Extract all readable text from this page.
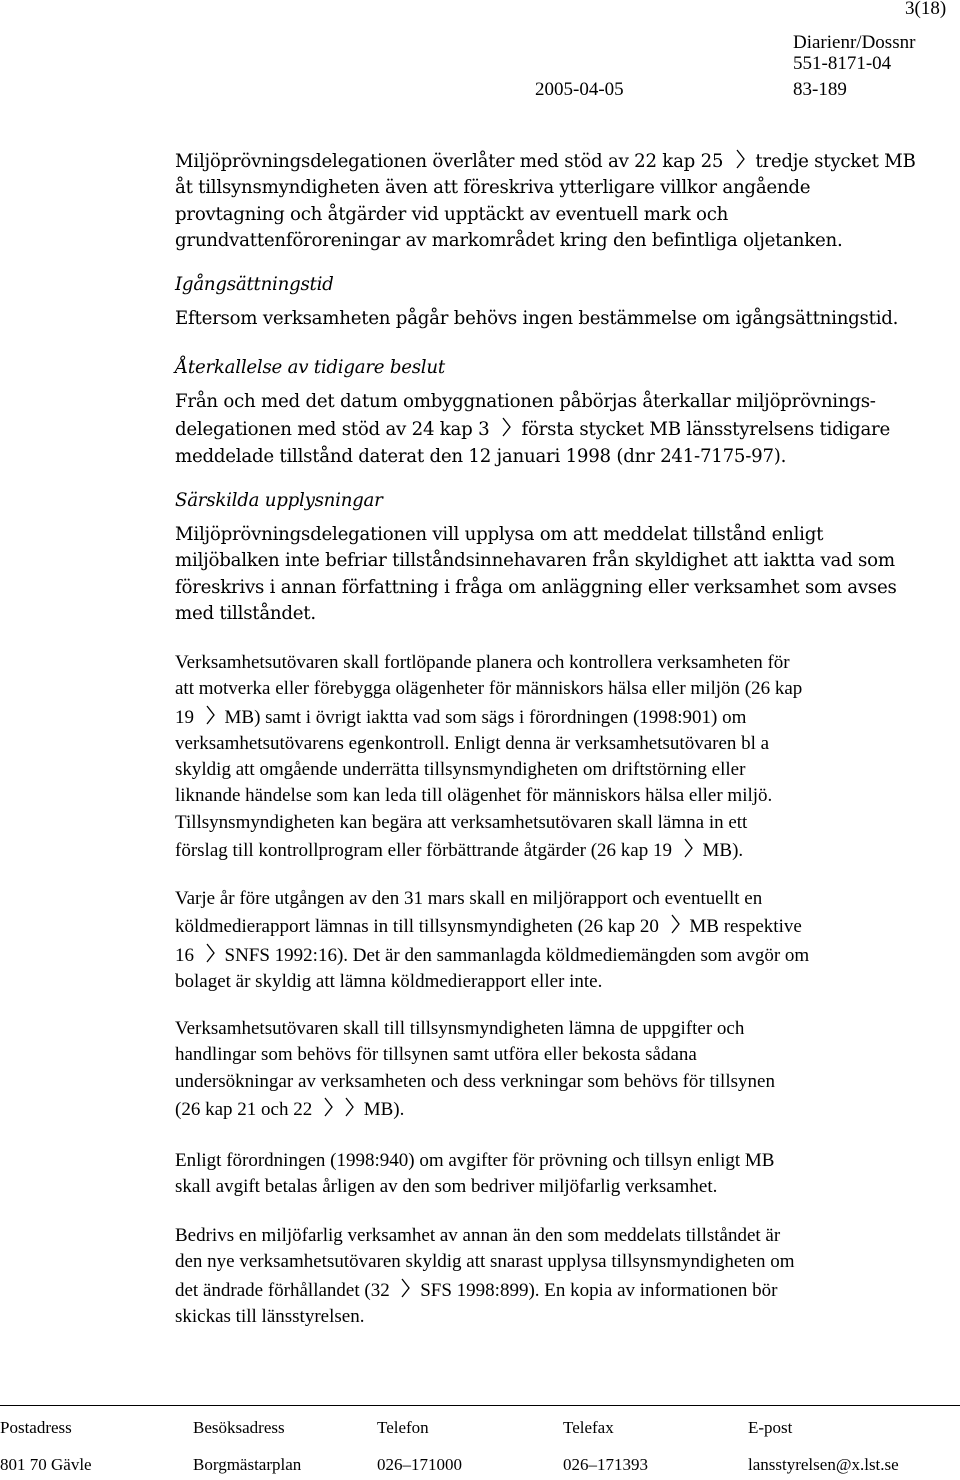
3(18)
Diarienr/Dossnr
551-8171-04
2005-04-05	83-189
Miljöprövningsdelegationen överlåter med stöd av 22 kap 25 tredje stycket MB
åt tillsynsmyndigheten även att föreskriva ytterligare villkor angående
provtagning och åtgärder vid upptäckt av eventuell mark och
grundvattenföroreningar av markområdet kring den befintliga oljetanken.
Igångsättningstid
Eftersom verksamheten pågår behövs ingen bestämmelse om igångsättningstid.
Återkallelse av tidigare beslut
Från och med det datum ombyggnationen påbörjas återkallar miljöprövnings-
delegationen med stöd av 24 kap 3 första stycket MB länsstyrelsens tidigare
meddelade tillstånd daterat den 12 januari 1998 (dnr 241-7175-97).
Särskilda upplysningar
Miljöprövningsdelegationen vill upplysa om att meddelat tillstånd enligt
miljöbalken inte befriar tillståndsinnehavaren från skyldighet att iaktta vad som
föreskrivs i annan författning i fråga om anläggning eller verksamhet som avses
med tillståndet.
Verksamhetsutövaren skall fortlöpande planera och kontrollera verksamheten för
att motverka eller förebygga olägenheter för människors hälsa eller miljön (26 kap
19 MB) samt i övrigt iaktta vad som sägs i förordningen (1998:901) om
verksamhetsutövarens egenkontroll. Enligt denna är verksamhetsutövaren bl a
skyldig att omgående underrätta tillsynsmyndigheten om driftstörning eller
liknande händelse som kan leda till olägenhet för människors hälsa eller miljö.
Tillsynsmyndigheten kan begära att verksamhetsutövaren skall lämna in ett
förslag till kontrollprogram eller förbättrande åtgärder (26 kap 19 MB).
Varje år före utgången av den 31 mars skall en miljörapport och eventuellt en
köldmedierapport lämnas in till tillsynsmyndigheten (26 kap 20 MB respektive
16 SNFS 1992:16). Det är den sammanlagda köldmediemängden som avgör om
bolaget är skyldig att lämna köldmedierapport eller inte.
Verksamhetsutövaren skall till tillsynsmyndigheten lämna de uppgifter och
handlingar som behövs för tillsynen samt utföra eller bekosta sådana
undersökningar av verksamheten och dess verkningar som behövs för tillsynen
(26 kap 21 och 22	MB).
Enligt förordningen (1998:940) om avgifter för prövning och tillsyn enligt MB
skall avgift betalas årligen av den som bedriver miljöfarlig verksamhet.
Bedrivs en miljöfarlig verksamhet av annan än den som meddelats tillståndet är
den nye verksamhetsutövaren skyldig att snarast upplysa tillsynsmyndigheten om
det ändrade förhållandet (32 SFS 1998:899). En kopia av informationen bör
skickas till länsstyrelsen.
Postadress	Besöksadress	Telefon	Telefax	E-post
801 70 Gävle	Borgmästarplan	026–171000	026–171393	lansstyrelsen@x.lst.se
